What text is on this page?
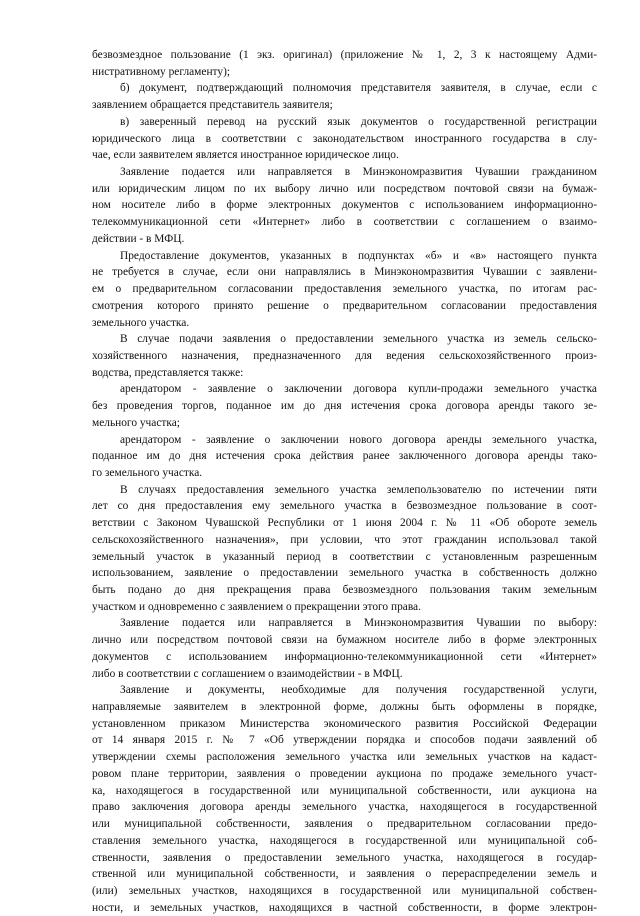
безвозмездное пользование (1 экз. оригинал) (приложение № 1, 2, 3 к настоящему Адми-
нистративному регламенту);
б) документ, подтверждающий полномочия представителя заявителя, в случае, если с
заявлением обращается представитель заявителя;
в) заверенный перевод на русский язык документов о государственной регистрации
юридического лица в соответствии с законодательством иностранного государства в слу-
чае, если заявителем является иностранное юридическое лицо.
Заявление подается или направляется в Минэкономразвития Чувашии гражданином
или юридическим лицом по их выбору лично или посредством почтовой связи на бумаж-
ном носителе либо в форме электронных документов с использованием информационно-
телекоммуникационной сети «Интернет» либо в соответствии с соглашением о взаимо-
действии - в МФЦ.
Предоставление документов, указанных в подпунктах «б» и «в» настоящего пункта
не требуется в случае, если они направлялись в Минэкономразвития Чувашии с заявлени-
ем о предварительном согласовании предоставления земельного участка, по итогам рас-
смотрения которого принято решение о предварительном согласовании предоставления
земельного участка.
В случае подачи заявления о предоставлении земельного участка из земель сельско-
хозяйственного назначения, предназначенного для ведения сельскохозяйственного произ-
водства, представляется также:
арендатором - заявление о заключении договора купли-продажи земельного участка
без проведения торгов, поданное им до дня истечения срока договора аренды такого зе-
мельного участка;
арендатором - заявление о заключении нового договора аренды земельного участка,
поданное им до дня истечения срока действия ранее заключенного договора аренды тако-
го земельного участка.
В случаях предоставления земельного участка землепользователю по истечении пяти
лет со дня предоставления ему земельного участка в безвозмездное пользование в соот-
ветствии с Законом Чувашской Республики от 1 июня 2004 г. № 11 «Об обороте земель
сельскохозяйственного назначения», при условии, что этот гражданин использовал такой
земельный участок в указанный период в соответствии с установленным разрешенным
использованием, заявление о предоставлении земельного участка в собственность должно
быть подано до дня прекращения права безвозмездного пользования таким земельным
участком и одновременно с заявлением о прекращении этого права.
Заявление подается или направляется в Минэкономразвития Чувашии по выбору:
лично или посредством почтовой связи на бумажном носителе либо в форме электронных
документов с использованием информационно-телекоммуникационной сети «Интернет»
либо в соответствии с соглашением о взаимодействии - в МФЦ.
Заявление и документы, необходимые для получения государственной услуги,
направляемые заявителем в электронной форме, должны быть оформлены в порядке,
установленном приказом Министерства экономического развития Российской Федерации
от 14 января 2015 г. № 7 «Об утверждении порядка и способов подачи заявлений об
утверждении схемы расположения земельного участка или земельных участков на кадаст-
ровом плане территории, заявления о проведении аукциона по продаже земельного участ-
ка, находящегося в государственной или муниципальной собственности, или аукциона на
право заключения договора аренды земельного участка, находящегося в государственной
или муниципальной собственности, заявления о предварительном согласовании предо-
ставления земельного участка, находящегося в государственной или муниципальной соб-
ственности, заявления о предоставлении земельного участка, находящегося в государ-
ственной или муниципальной собственности, и заявления о перераспределении земель и
(или) земельных участков, находящихся в государственной или муниципальной собствен-
ности, и земельных участков, находящихся в частной собственности, в форме электрон-
